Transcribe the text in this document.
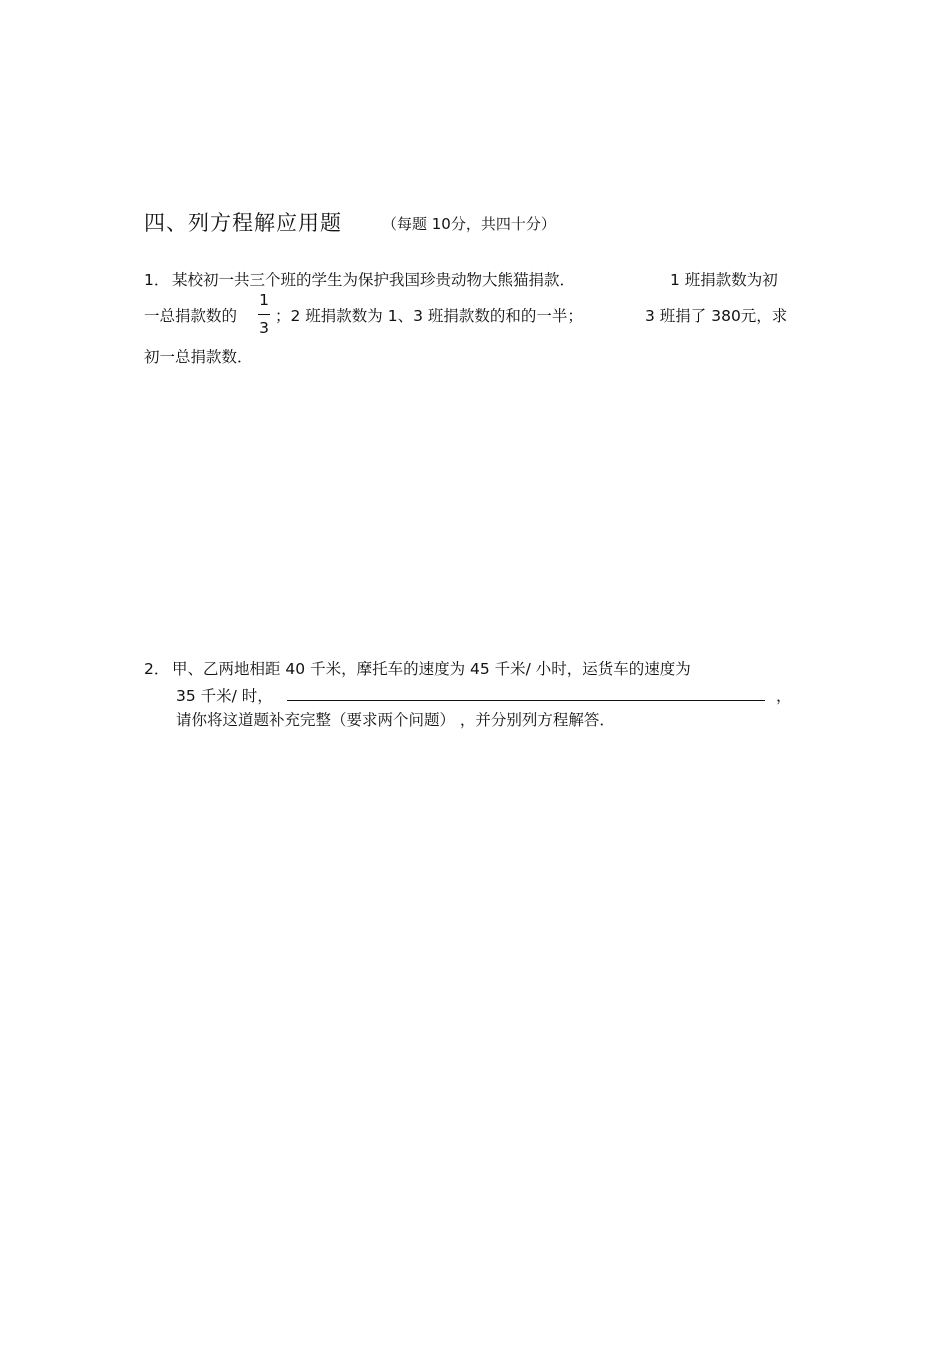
四、列方程解应用题	（每题 10分，共四十分）
1． 某校初一共三个班的学生为保护我国珍贵动物大熊猫捐款．	1 班捐款数为初
一总捐款数的
1
3
；2 班捐款数为 1、3 班捐款数的和的一半；	3 班捐了 380元，求
初一总捐款数．
2． 甲、乙两地相距 40 千米，摩托车的速度为 45 千米/ 小时，运货车的速度为
35 千米/ 时，	，
请你将这道题补充完整（要求两个问题） ，并分别列方程解答．
